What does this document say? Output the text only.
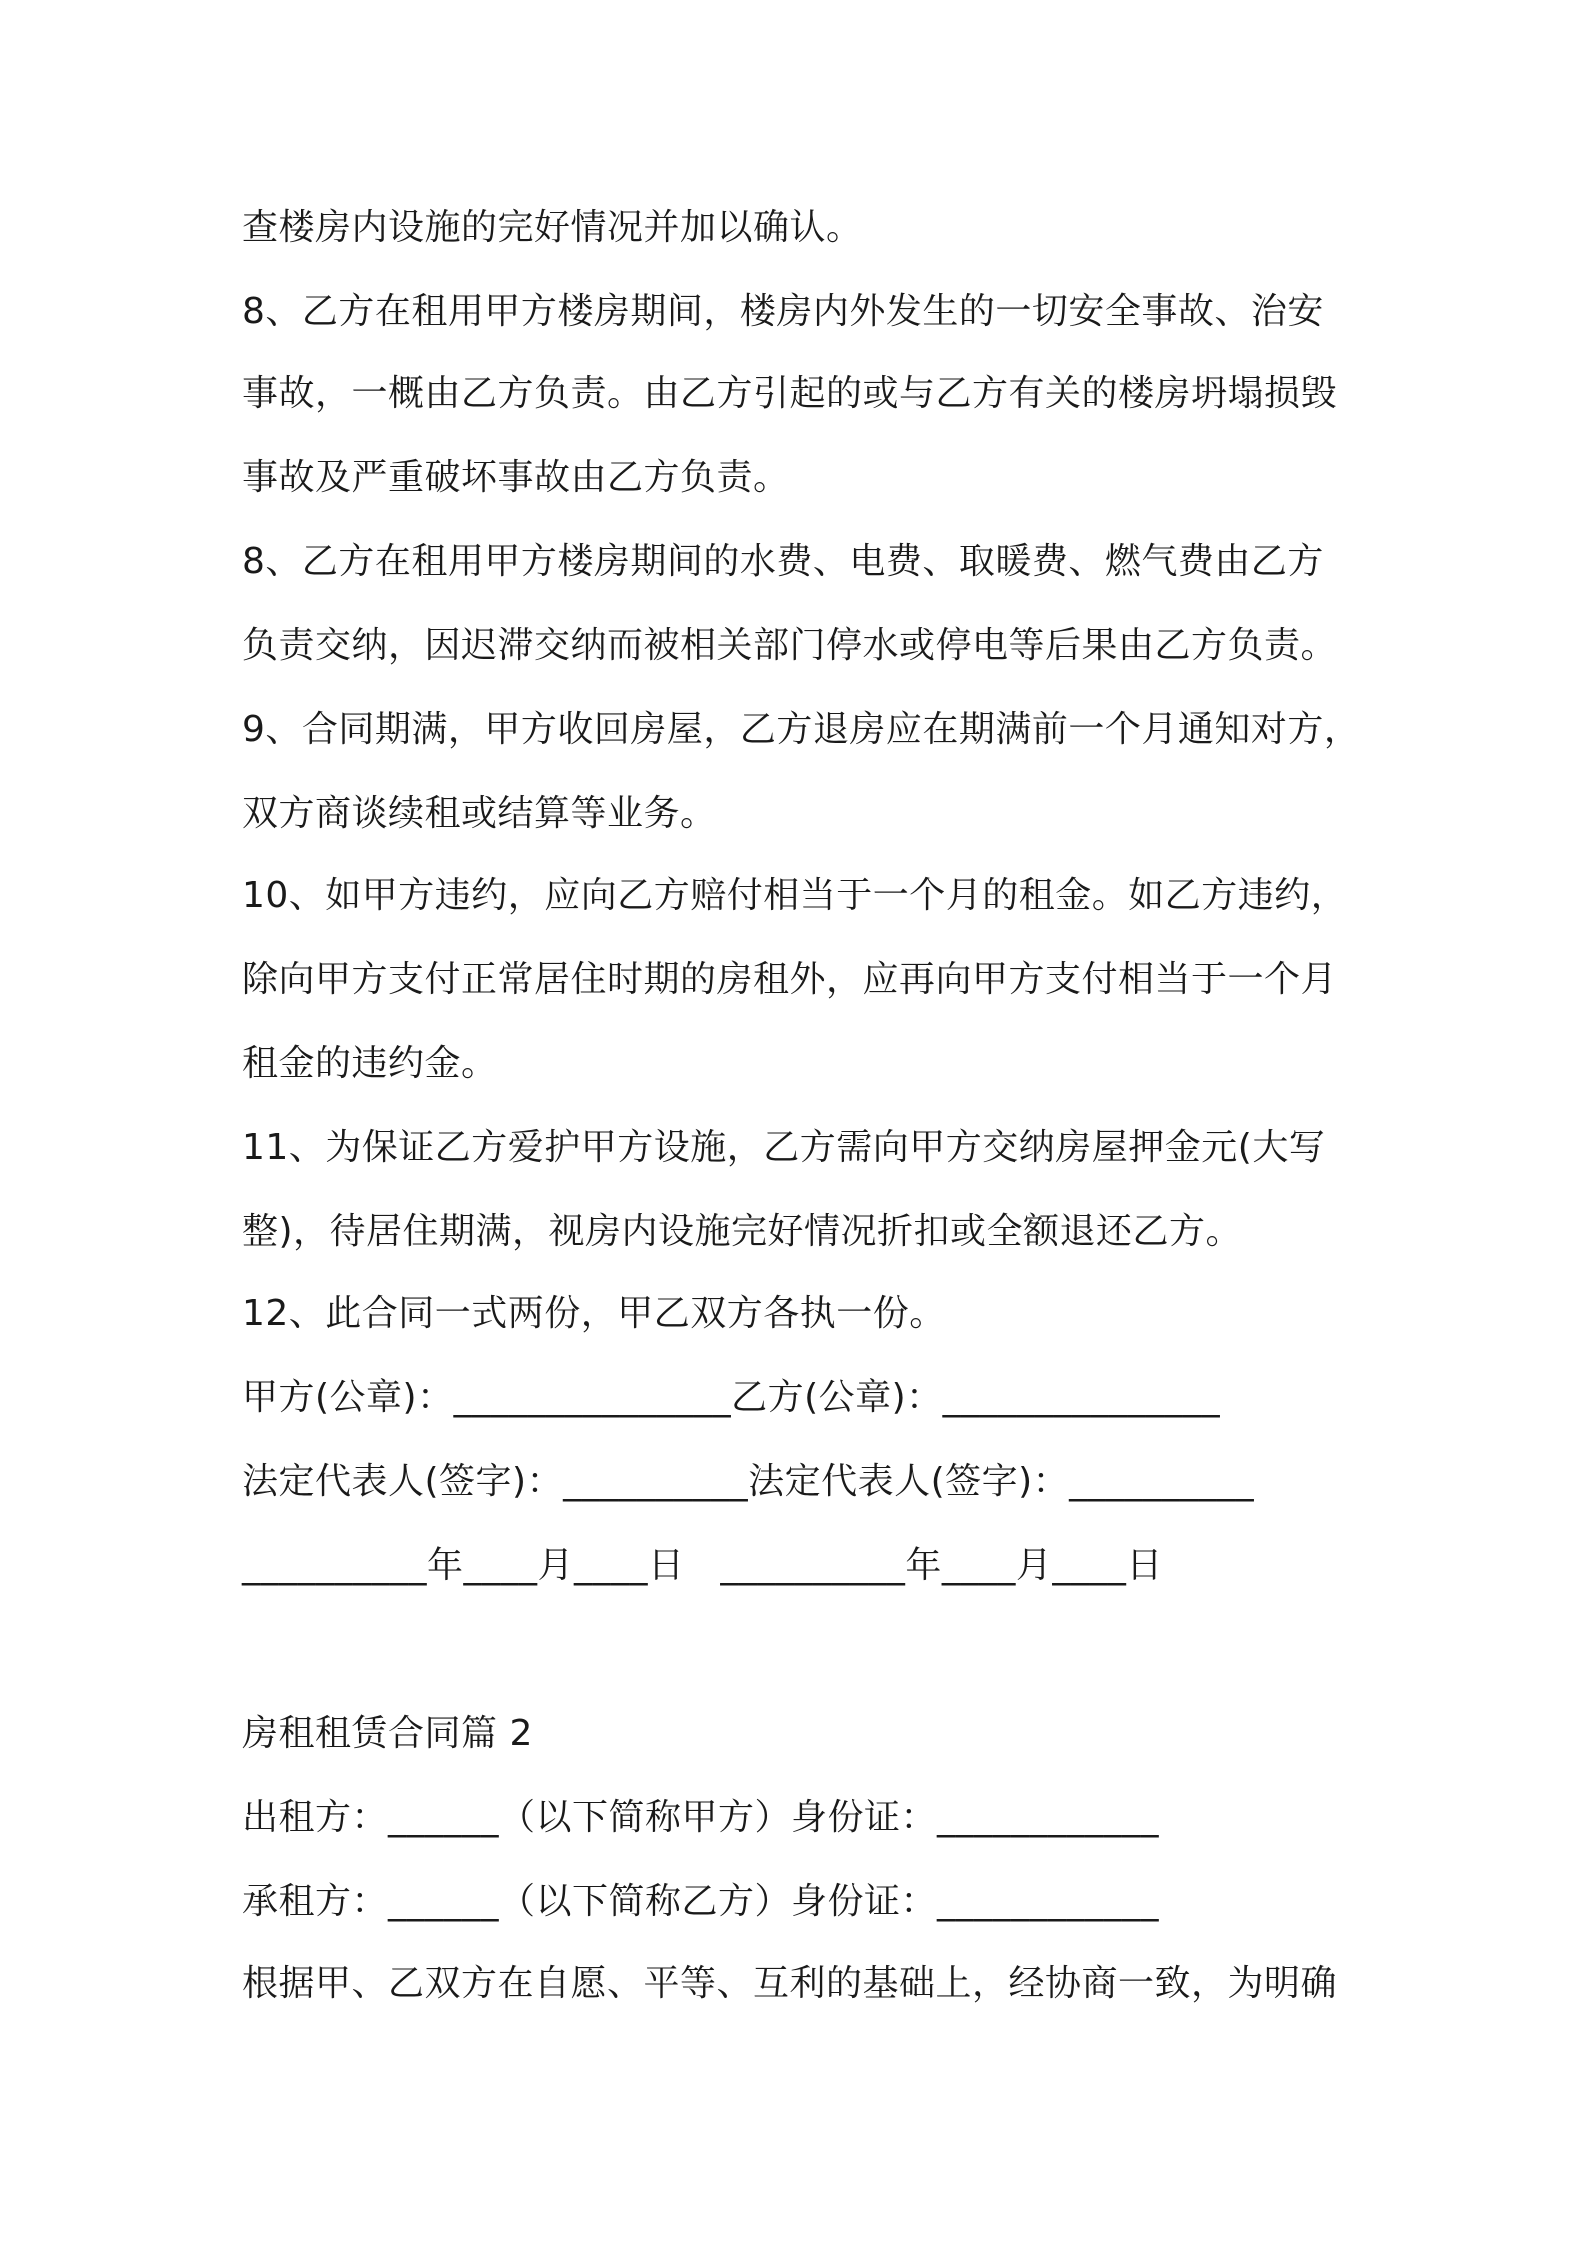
查楼房内设施的完好情况并加以确认。
8、乙方在租用甲方楼房期间，楼房内外发生的一切安全事故、治安
事故，一概由乙方负责。由乙方引起的或与乙方有关的楼房坍塌损毁
事故及严重破坏事故由乙方负责。
8、乙方在租用甲方楼房期间的水费、电费、取暖费、燃气费由乙方
负责交纳，因迟滞交纳而被相关部门停水或停电等后果由乙方负责。
9、合同期满，甲方收回房屋，乙方退房应在期满前一个月通知对方，
双方商谈续租或结算等业务。
10、如甲方违约，应向乙方赔付相当于一个月的租金。如乙方违约，
除向甲方支付正常居住时期的房租外，应再向甲方支付相当于一个月
租金的违约金。
11、为保证乙方爱护甲方设施，乙方需向甲方交纳房屋押金元(大写
整)，待居住期满，视房内设施完好情况折扣或全额退还乙方。
12、此合同一式两份，甲乙双方各执一份。
甲方(公章)：_______________乙方(公章)：_______________
法定代表人(签字)：__________法定代表人(签字)：__________
__________年____月____日   __________年____月____日
房租租赁合同篇 2
出租方：______（以下简称甲方）身份证：____________
承租方：______（以下简称乙方）身份证：____________
根据甲、乙双方在自愿、平等、互利的基础上，经协商一致，为明确
